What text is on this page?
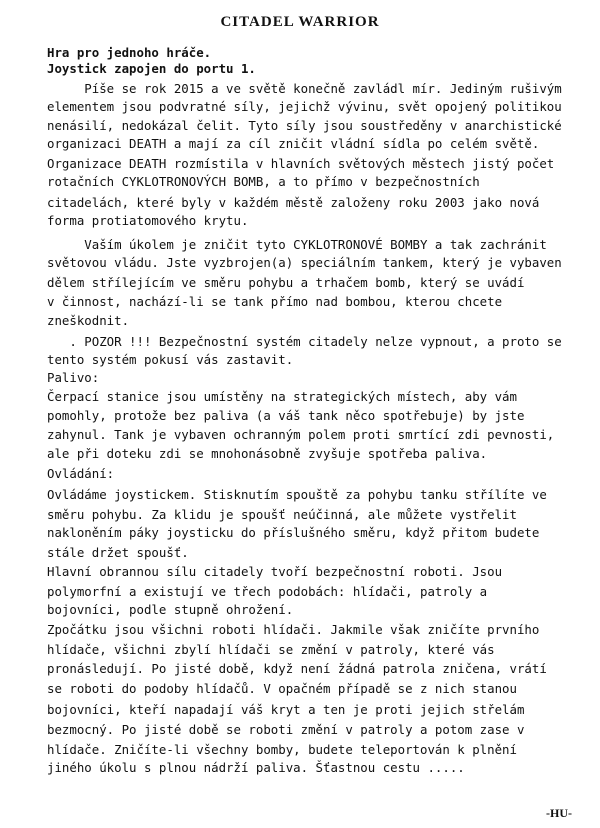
CITADEL WARRIOR
Hra pro jednoho hráče.
Joystick zapojen do portu 1.
Píše se rok 2015 a ve světě konečně zavládl mír. Jediným rušivým
elementem jsou podvratné síly, jejichž vývinu, svět opojený politikou
nenásilí, nedokázal čelit. Tyto síly jsou soustředěny v anarchistické
organizaci DEATH a mají za cíl zničit vládní sídla po celém světě.
Organizace DEATH rozmístila v hlavních světových městech jistý počet
rotačních CYKLOTRONOVÝCH BOMB, a to přímo v bezpečnostních
citadelách, které byly v každém městě založeny roku 2003 jako nová
forma protiatomového krytu.
Vaším úkolem je zničit tyto CYKLOTRONOVÉ BOMBY a tak zachránit
světovou vládu. Jste vyzbrojen(a) speciálním tankem, který je vybaven
dělem střílejícím ve směru pohybu a trhačem bomb, který se uvádí
v činnost, nachází-li se tank přímo nad bombou, kterou chcete
zneškodnit.
. POZOR !!! Bezpečnostní systém citadely nelze vypnout, a proto se
tento systém pokusí vás zastavit.
Palivo:
Čerpací stanice jsou umístěny na strategických místech, aby vám
pomohly, protože bez paliva (a váš tank něco spotřebuje) by jste
zahynul. Tank je vybaven ochranným polem proti smrtící zdi pevnosti,
ale při doteku zdi se mnohonásobně zvyšuje spotřeba paliva.
Ovládání:
Ovládáme joystickem. Stisknutím spouště za pohybu tanku střílíte ve
směru pohybu. Za klidu je spoušť neúčinná, ale můžete vystřelit
nakloněním páky joysticku do příslušného směru, když přitom budete
stále držet spoušť.
Hlavní obrannou sílu citadely tvoří bezpečnostní roboti. Jsou
polymorfní a existují ve třech podobách: hlídači, patroly a
bojovníci, podle stupně ohrožení.
Zpočátku jsou všichni roboti hlídači. Jakmile však zničíte prvního
hlídače, všichni zbylí hlídači se změní v patroly, které vás
pronásledují. Po jisté době, když není žádná patrola zničena, vrátí
se roboti do podoby hlídačů. V opačném případě se z nich stanou
bojovníci, kteří napadají váš kryt a ten je proti jejich střelám
bezmocný. Po jisté době se roboti změní v patroly a potom zase v
hlídače. Zničíte-li všechny bomby, budete teleportován k plnění
jiného úkolu s plnou nádrží paliva. Šťastnou cestu .....
-HU-
